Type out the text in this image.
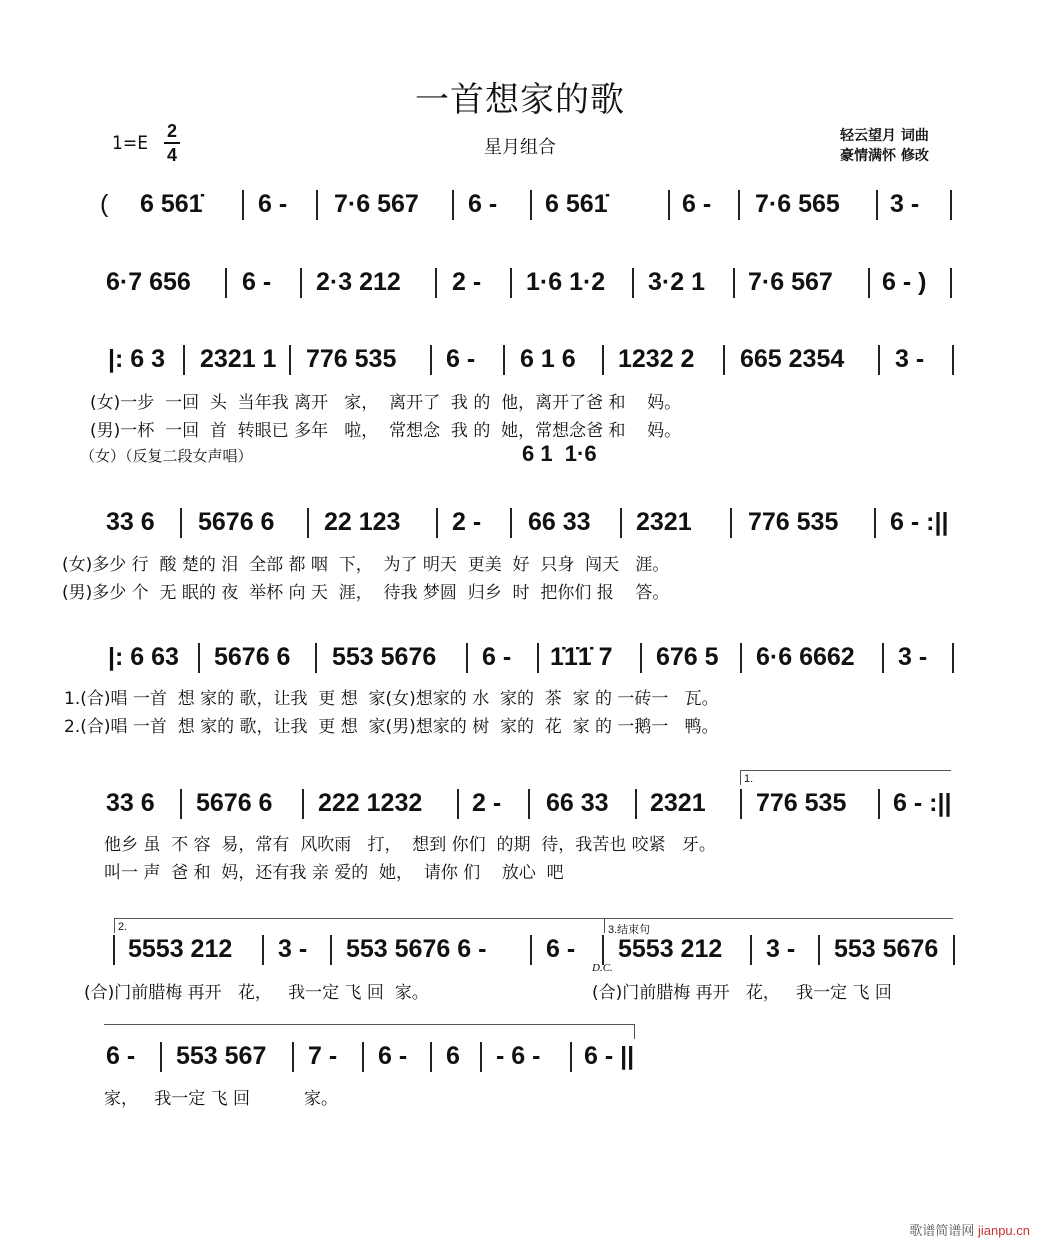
一首想家的歌
1=E
2
4	星月组合
轻云望月 词曲
豪情满怀 修改
( 6 561̇ 6 - 7·6 567 6 - 6 561̇	6 - 7·6 565 3 -
6·7 656 6 - 2·3 212 2 - 1·6 1·2 3·2 1 7·6 567 6 - )
|: 6 3 2321 1 776 535 6 - 6 1 6 1232 2 665 2354 3 -
(女)一步  一回  头  当年我 离开   家，  离开了  我 的  他，离开了爸 和    妈。
(男)一杯  一回  首  转眼已 多年   啦，  常想念  我 的  她，常想念爸 和    妈。
（女）（反复二段女声唱）	6 1  1·6
33 6 5676 6 22 123 2 - 66 33 2321 776 535 6 - :||
(女)多少 行  酸 楚的 泪  全部 都 咽  下，  为了 明天  更美  好  只身  闯天   涯。
(男)多少 个  无 眠的 夜  举杯 向 天  涯，  待我 梦圆  归乡  时  把你们 报    答。
|: 6 63 5676 6 553 5676 6 - 1̇1̇1̇ 7 676 5 6·6 6662 3 -
1.(合)唱 一首  想 家的 歌，让我  更 想  家(女)想家的 水  家的  茶  家 的 一砖一   瓦。
2.(合)唱 一首  想 家的 歌，让我  更 想  家(男)想家的 树  家的  花  家 的 一鹅一   鸭。
1.
33 6 5676 6 222 1232 2 - 66 33 2321 776 535 6 - :||
他乡 虽  不 容  易，常有  风吹雨   打，  想到 你们  的期  待，我苦也 咬紧   牙。
叫一 声  爸 和  妈，还有我 亲 爱的  她，  请你 们    放心  吧
2.	3.结束句
5553 212 3 - 553 5676 6 - 6 - 5553 212 3 - 553 5676
D.C.
(合)门前腊梅 再开   花，   我一定 飞 回  家。	(合)门前腊梅 再开   花，   我一定 飞 回
6 - 553 567 7 - 6 - 6 - 6 - 6 - ||
家，   我一定 飞 回          家。
歌谱简谱网 jianpu.cn
